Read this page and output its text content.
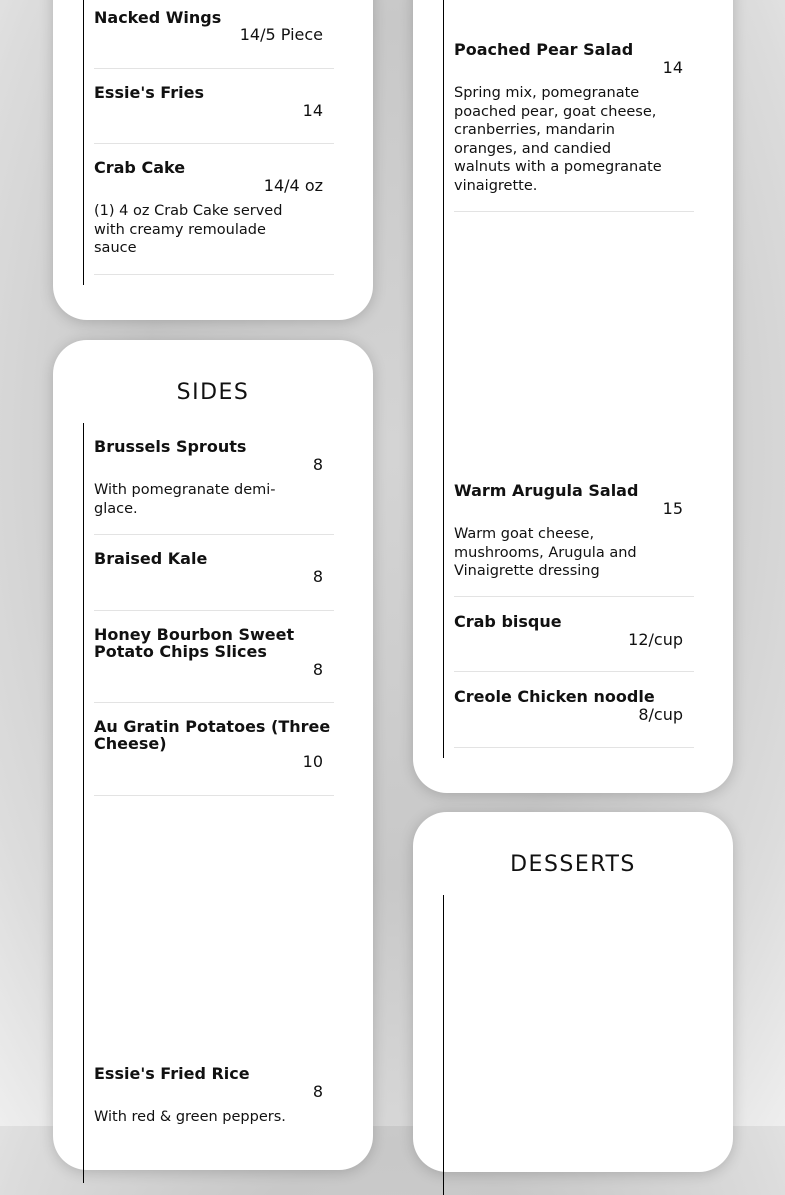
Nacked Wings

14/5 Piece

Essie's Fries

14

Crab Cake

14/4 oz

(1) 4 oz Crab Cake served with creamy remoulade sauce

SIDES

Brussels Sprouts

8

With pomegranate demi-glace.

Braised Kale

8

Honey Bourbon Sweet Potato Chips Slices

8

Au Gratin Potatoes (Three Cheese)

10

Essie's Fried Rice

8

With red & green peppers.

Poached Pear Salad

14

Spring mix, pomegranate poached pear, goat cheese, cranberries, mandarin oranges, and candied walnuts with a pomegranate vinaigrette.

Warm Arugula Salad

15

Warm goat cheese, mushrooms, Arugula and Vinaigrette dressing

Crab bisque

12/cup

Creole Chicken noodle

8/cup
DESSERTS
